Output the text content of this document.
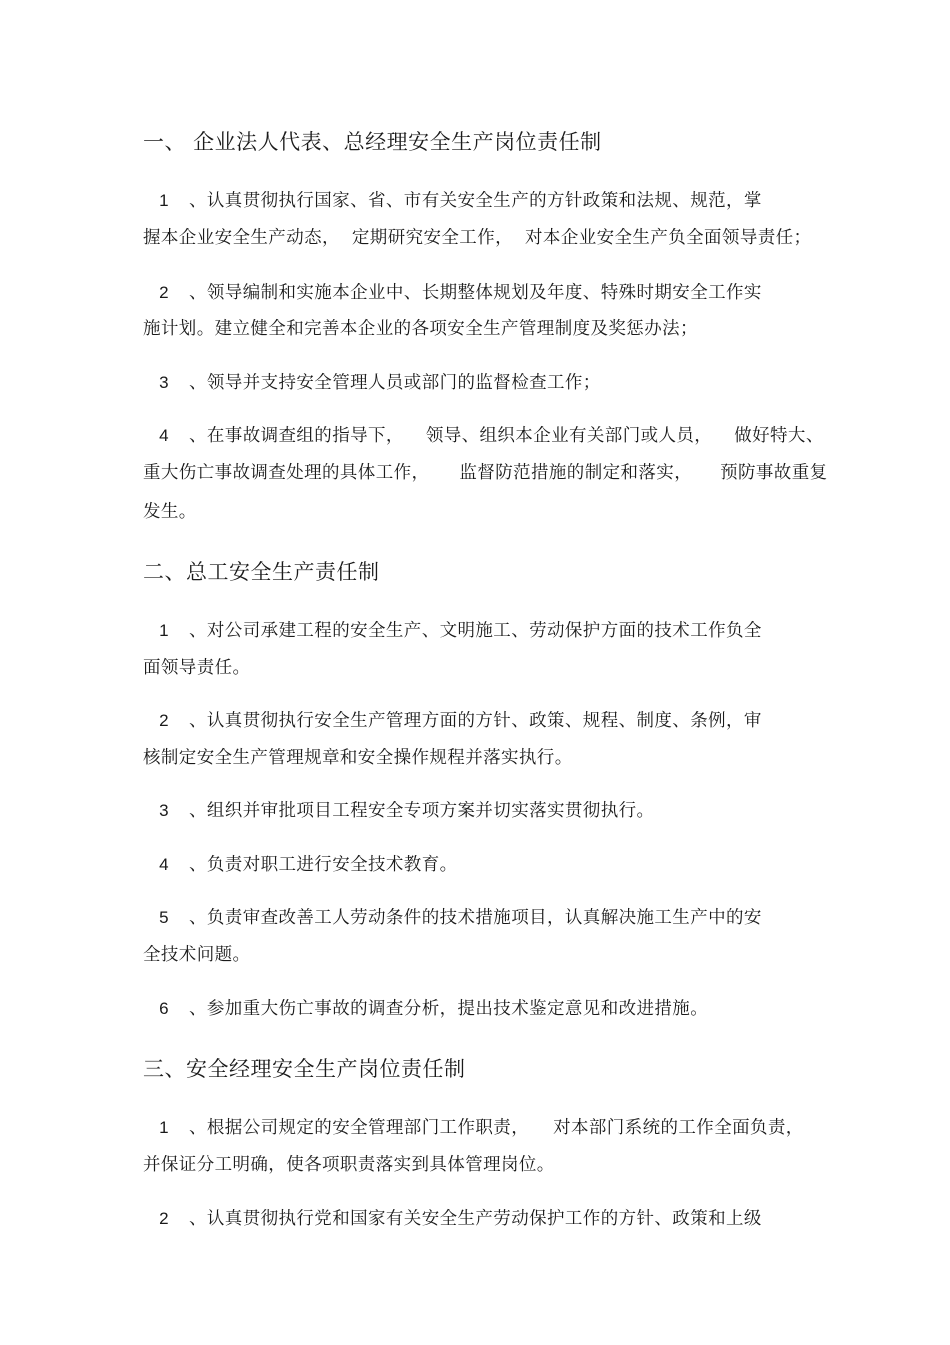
一、 企业法人代表、总经理安全生产岗位责任制
1 、认真贯彻执行国家、省、市有关安全生产的方针政策和法规、规范，掌
握本企业安全生产动态， 定期研究安全工作， 对本企业安全生产负全面领导责任；
2 、领导编制和实施本企业中、长期整体规划及年度、特殊时期安全工作实
施计划。建立健全和完善本企业的各项安全生产管理制度及奖惩办法；
3 、领导并支持安全管理人员或部门的监督检查工作；
4 、在事故调查组的指导下， 领导、组织本企业有关部门或人员， 做好特大、
重大伤亡事故调查处理的具体工作， 监督防范措施的制定和落实， 预防事故重复
发生。
二、总工安全生产责任制
1 、对公司承建工程的安全生产、文明施工、劳动保护方面的技术工作负全
面领导责任。
2 、认真贯彻执行安全生产管理方面的方针、政策、规程、制度、条例，审
核制定安全生产管理规章和安全操作规程并落实执行。
3 、组织并审批项目工程安全专项方案并切实落实贯彻执行。
4 、负责对职工进行安全技术教育。
5 、负责审查改善工人劳动条件的技术措施项目，认真解决施工生产中的安
全技术问题。
6 、参加重大伤亡事故的调查分析，提出技术鉴定意见和改进措施。
三、安全经理安全生产岗位责任制
1 、根据公司规定的安全管理部门工作职责， 对本部门系统的工作全面负责，
并保证分工明确，使各项职责落实到具体管理岗位。
2 、认真贯彻执行党和国家有关安全生产劳动保护工作的方针、政策和上级
